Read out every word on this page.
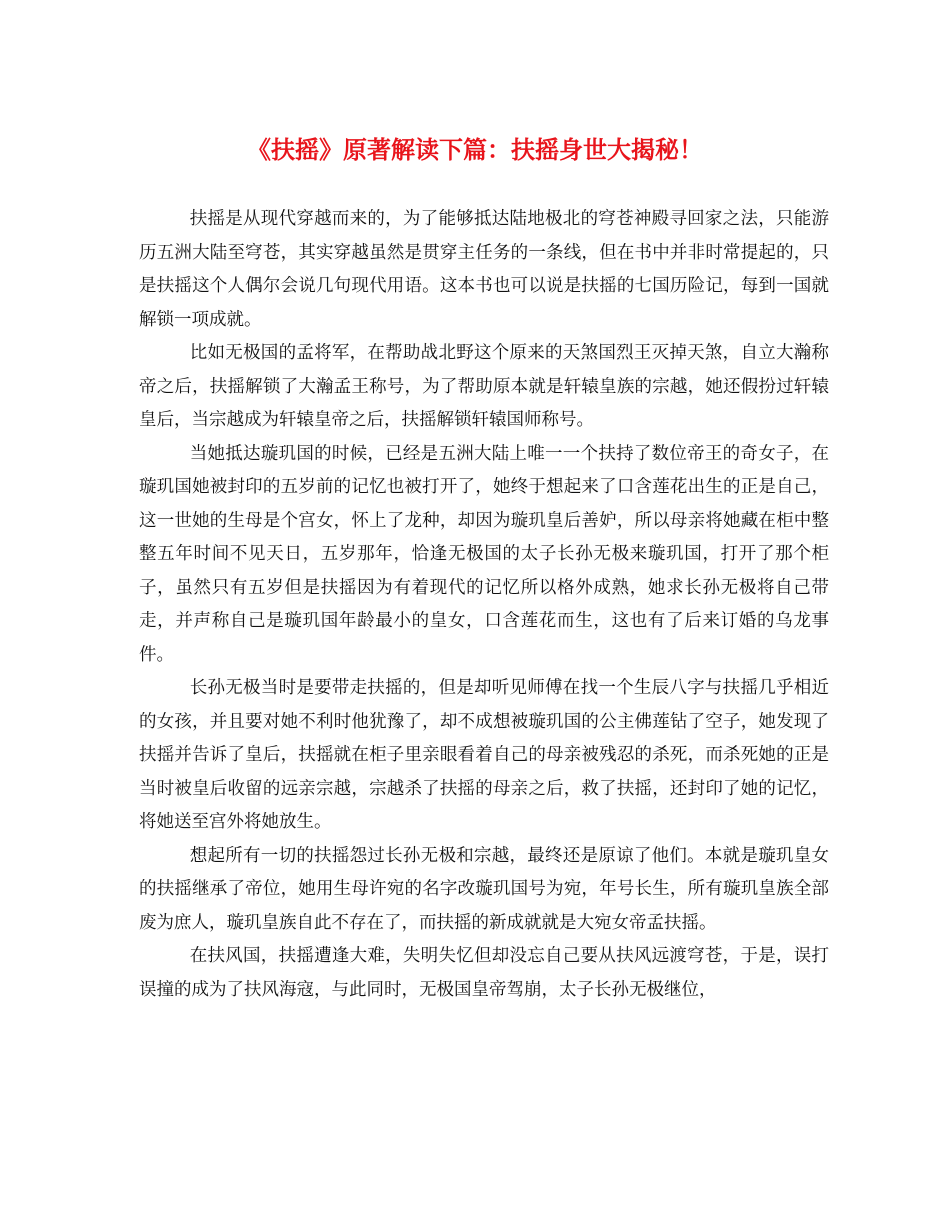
《扶摇》原著解读下篇：扶摇身世大揭秘！

扶摇是从现代穿越而来的，为了能够抵达陆地极北的穹苍神殿寻回家之法，只能游历五洲大陆至穹苍，其实穿越虽然是贯穿主任务的一条线，但在书中并非时常提起的，只是扶摇这个人偶尔会说几句现代用语。这本书也可以说是扶摇的七国历险记，每到一国就解锁一项成就。

比如无极国的孟将军，在帮助战北野这个原来的天煞国烈王灭掉天煞，自立大瀚称帝之后，扶摇解锁了大瀚孟王称号，为了帮助原本就是轩辕皇族的宗越，她还假扮过轩辕皇后，当宗越成为轩辕皇帝之后，扶摇解锁轩辕国师称号。

当她抵达璇玑国的时候，已经是五洲大陆上唯一一个扶持了数位帝王的奇女子，在璇玑国她被封印的五岁前的记忆也被打开了，她终于想起来了口含莲花出生的正是自己，这一世她的生母是个宫女，怀上了龙种，却因为璇玑皇后善妒，所以母亲将她藏在柜中整整五年时间不见天日，五岁那年，恰逢无极国的太子长孙无极来璇玑国，打开了那个柜子，虽然只有五岁但是扶摇因为有着现代的记忆所以格外成熟，她求长孙无极将自己带走，并声称自己是璇玑国年龄最小的皇女，口含莲花而生，这也有了后来订婚的乌龙事件。

长孙无极当时是要带走扶摇的，但是却听见师傅在找一个生辰八字与扶摇几乎相近的女孩，并且要对她不利时他犹豫了，却不成想被璇玑国的公主佛莲钻了空子，她发现了扶摇并告诉了皇后，扶摇就在柜子里亲眼看着自己的母亲被残忍的杀死，而杀死她的正是当时被皇后收留的远亲宗越，宗越杀了扶摇的母亲之后，救了扶摇，还封印了她的记忆，将她送至宫外将她放生。

想起所有一切的扶摇怨过长孙无极和宗越，最终还是原谅了他们。本就是璇玑皇女的扶摇继承了帝位，她用生母许宛的名字改璇玑国号为宛，年号长生，所有璇玑皇族全部废为庶人，璇玑皇族自此不存在了，而扶摇的新成就就是大宛女帝孟扶摇。

在扶风国，扶摇遭逢大难，失明失忆但却没忘自己要从扶风远渡穹苍，于是，误打误撞的成为了扶风海寇，与此同时，无极国皇帝驾崩，太子长孙无极继位，
